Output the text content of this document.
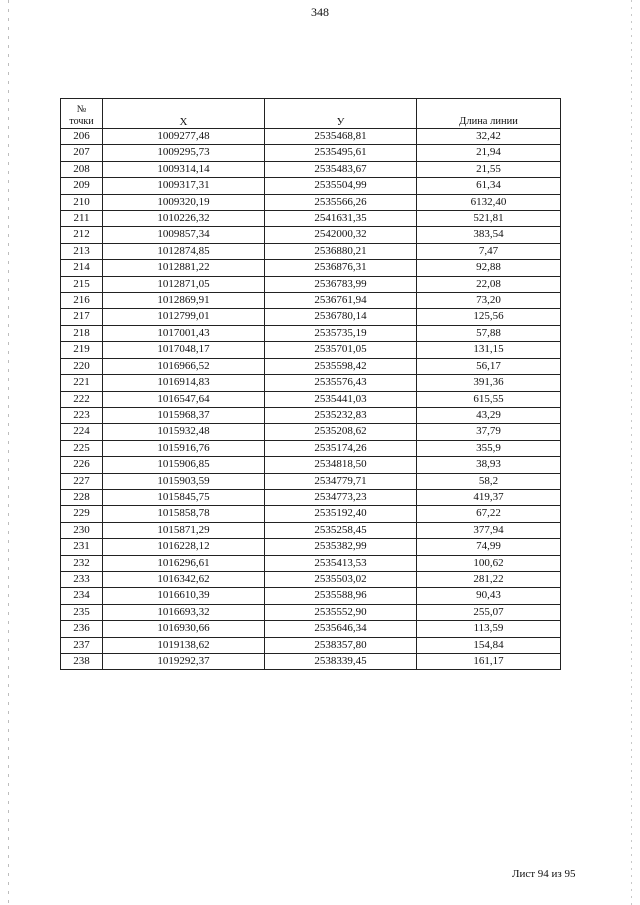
348
№
точки	X	У	Длина линии
206	1009277,48	2535468,81	32,42
207	1009295,73	2535495,61	21,94
208	1009314,14	2535483,67	21,55
209	1009317,31	2535504,99	61,34
210	1009320,19	2535566,26	6132,40
211	1010226,32	2541631,35	521,81
212	1009857,34	2542000,32	383,54
213	1012874,85	2536880,21	7,47
214	1012881,22	2536876,31	92,88
215	1012871,05	2536783,99	22,08
216	1012869,91	2536761,94	73,20
217	1012799,01	2536780,14	125,56
218	1017001,43	2535735,19	57,88
219	1017048,17	2535701,05	131,15
220	1016966,52	2535598,42	56,17
221	1016914,83	2535576,43	391,36
222	1016547,64	2535441,03	615,55
223	1015968,37	2535232,83	43,29
224	1015932,48	2535208,62	37,79
225	1015916,76	2535174,26	355,9
226	1015906,85	2534818,50	38,93
227	1015903,59	2534779,71	58,2
228	1015845,75	2534773,23	419,37
229	1015858,78	2535192,40	67,22
230	1015871,29	2535258,45	377,94
231	1016228,12	2535382,99	74,99
232	1016296,61	2535413,53	100,62
233	1016342,62	2535503,02	281,22
234	1016610,39	2535588,96	90,43
235	1016693,32	2535552,90	255,07
236	1016930,66	2535646,34	113,59
237	1019138,62	2538357,80	154,84
238	1019292,37	2538339,45	161,17
Лист 94 из 95
